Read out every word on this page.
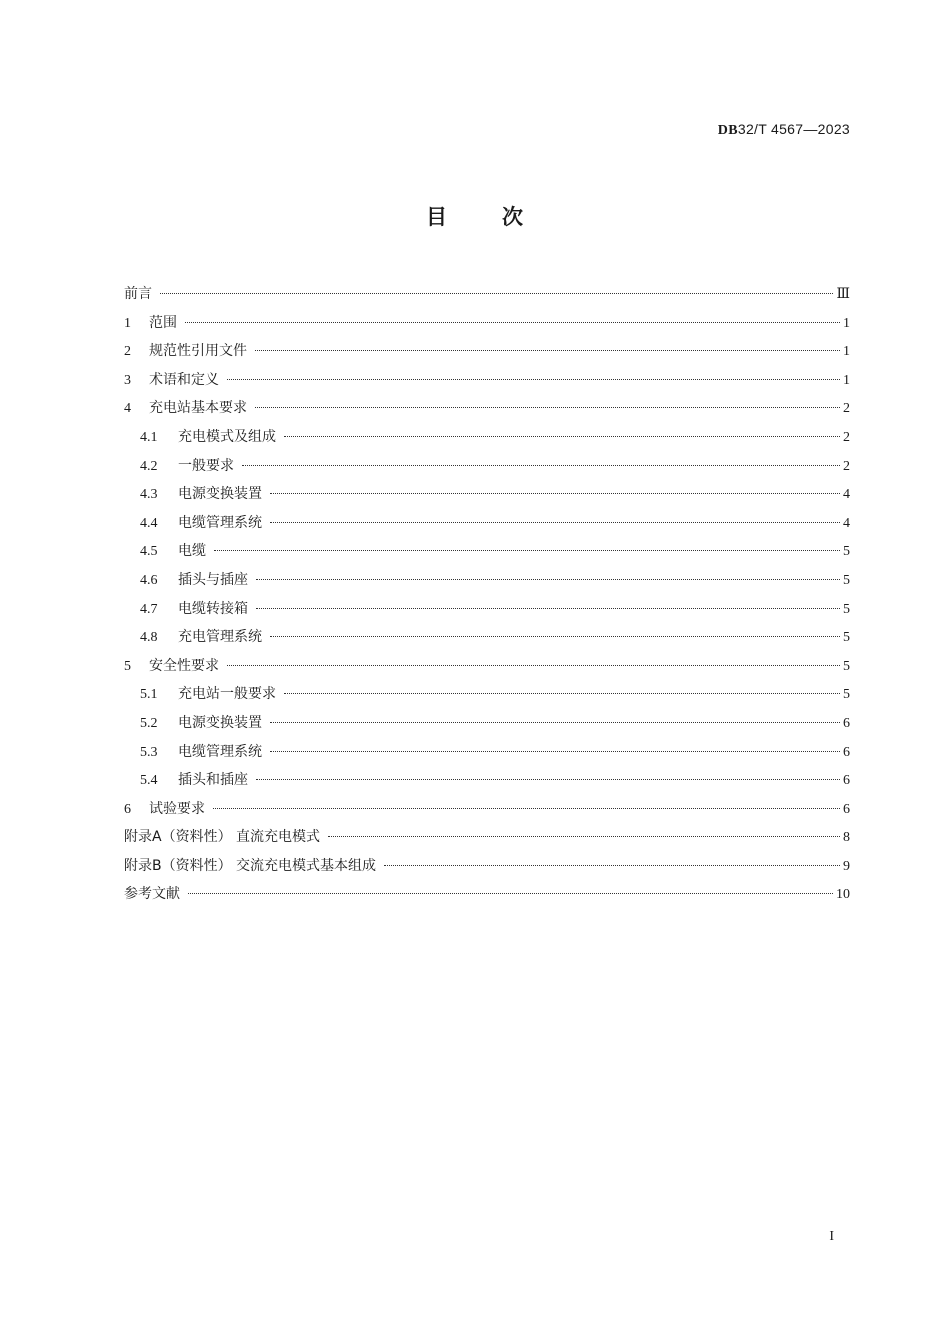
DB32/T 4567—2023
目	次
前言	Ⅲ
1	范围	1
2	规范性引用文件	1
3	术语和定义	1
4	充电站基本要求	2
4.1	充电模式及组成	2
4.2	一般要求	2
4.3	电源变换装置	4
4.4	电缆管理系统	4
4.5	电缆	5
4.6	插头与插座	5
4.7	电缆转接箱	5
4.8	充电管理系统	5
5	安全性要求	5
5.1	充电站一般要求	5
5.2	电源变换装置	6
5.3	电缆管理系统	6
5.4	插头和插座	6
6	试验要求	6
附录A（资料性） 直流充电模式	8
附录B（资料性） 交流充电模式基本组成	9
参考文献	10
I
